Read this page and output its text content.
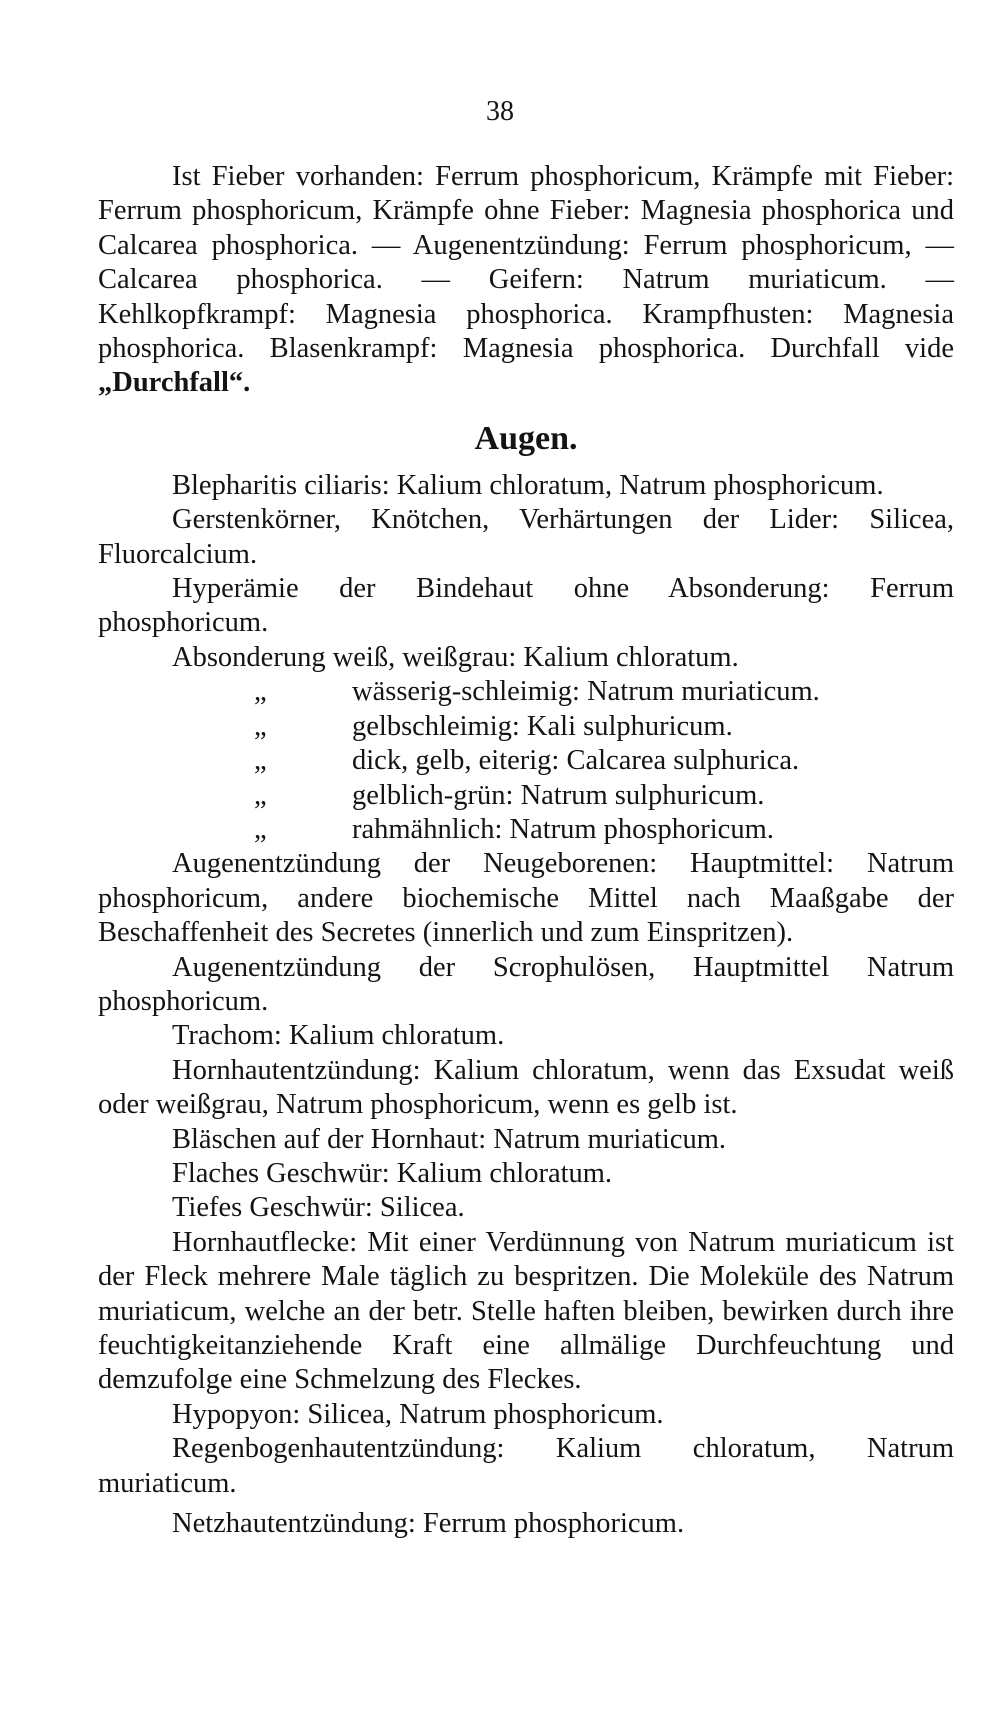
38

Ist Fieber vorhanden: Ferrum phosphoricum, Krämpfe mit Fieber: Ferrum phosphoricum, Krämpfe ohne Fieber: Magnesia phosphorica und Calcarea phosphorica. — Augenentzündung: Ferrum phosphoricum, — Calcarea phosphorica. — Geifern: Natrum muriaticum. — Kehlkopfkrampf: Magnesia phosphorica. Krampfhusten: Magnesia phosphorica. Blasenkrampf: Magnesia phosphorica. Durchfall vide „Durchfall“.

Augen.

Blepharitis ciliaris: Kalium chloratum, Natrum phosphoricum.

Gerstenkörner, Knötchen, Verhärtungen der Lider: Silicea, Fluorcalcium.

Hyperämie der Bindehaut ohne Absonderung: Ferrum phosphoricum.

Absonderung weiß, weißgrau: Kalium chloratum.

„	wässerig-schleimig: Natrum muriaticum.

„	gelbschleimig: Kali sulphuricum.

„	dick, gelb, eiterig: Calcarea sulphurica.

„	gelblich-grün: Natrum sulphuricum.

„	rahmähnlich: Natrum phosphoricum.

Augenentzündung der Neugeborenen: Hauptmittel: Natrum phosphoricum, andere biochemische Mittel nach Maaßgabe der Beschaffenheit des Secretes (innerlich und zum Einspritzen).

Augenentzündung der Scrophulösen, Hauptmittel Natrum phosphoricum.

Trachom: Kalium chloratum.

Hornhautentzündung: Kalium chloratum, wenn das Exsudat weiß oder weißgrau, Natrum phosphoricum, wenn es gelb ist.

Bläschen auf der Hornhaut: Natrum muriaticum.

Flaches Geschwür: Kalium chloratum.

Tiefes Geschwür: Silicea.

Hornhautflecke: Mit einer Verdünnung von Natrum muriaticum ist der Fleck mehrere Male täglich zu bespritzen. Die Moleküle des Natrum muriaticum, welche an der betr. Stelle haften bleiben, bewirken durch ihre feuchtigkeitanziehende Kraft eine allmälige Durchfeuchtung und demzufolge eine Schmelzung des Fleckes.

Hypopyon: Silicea, Natrum phosphoricum.

Regenbogenhautentzündung: Kalium chloratum, Natrum muriaticum.

Netzhautentzündung: Ferrum phosphoricum.
